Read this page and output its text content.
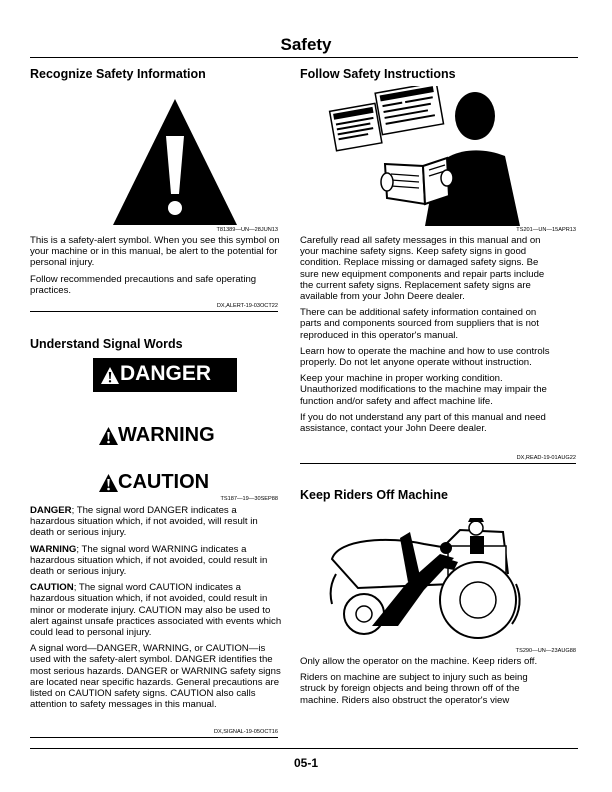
Safety
Recognize Safety Information
T81389—UN—28JUN13

This is a safety-alert symbol. When you see this symbol on your machine or in this manual, be alert to the potential for personal injury.

Follow recommended precautions and safe operating practices.

DX,ALERT-19-03OCT22
Understand Signal Words
DANGER
WARNING
CAUTION
TS187—19—30SEP88

DANGER; The signal word DANGER indicates a hazardous situation which, if not avoided, will result in death or serious injury.

WARNING; The signal word WARNING indicates a hazardous situation which, if not avoided, could result in death or serious injury.

CAUTION; The signal word CAUTION indicates a hazardous situation which, if not avoided, could result in minor or moderate injury. CAUTION may also be used to alert against unsafe practices associated with events which could lead to personal injury.

A signal word—DANGER, WARNING, or CAUTION—is used with the safety-alert symbol. DANGER identifies the most serious hazards. DANGER or WARNING safety signs are located near specific hazards. General precautions are listed on CAUTION safety signs. CAUTION also calls attention to safety messages in this manual.

DX,SIGNAL-19-05OCT16
Follow Safety Instructions
TS201—UN—15APR13

Carefully read all safety messages in this manual and on your machine safety signs. Keep safety signs in good condition. Replace missing or damaged safety signs. Be sure new equipment components and repair parts include the current safety signs. Replacement safety signs are available from your John Deere dealer.

There can be additional safety information contained on parts and components sourced from suppliers that is not reproduced in this operator's manual.

Learn how to operate the machine and how to use controls properly. Do not let anyone operate without instruction.

Keep your machine in proper working condition. Unauthorized modifications to the machine may impair the function and/or safety and affect machine life.

If you do not understand any part of this manual and need assistance, contact your John Deere dealer.

DX,READ-19-01AUG22
Keep Riders Off Machine
TS290—UN—23AUG88

Only allow the operator on the machine. Keep riders off.

Riders on machine are subject to injury such as being struck by foreign objects and being thrown off of the machine. Riders also obstruct the operator's view

05-1
